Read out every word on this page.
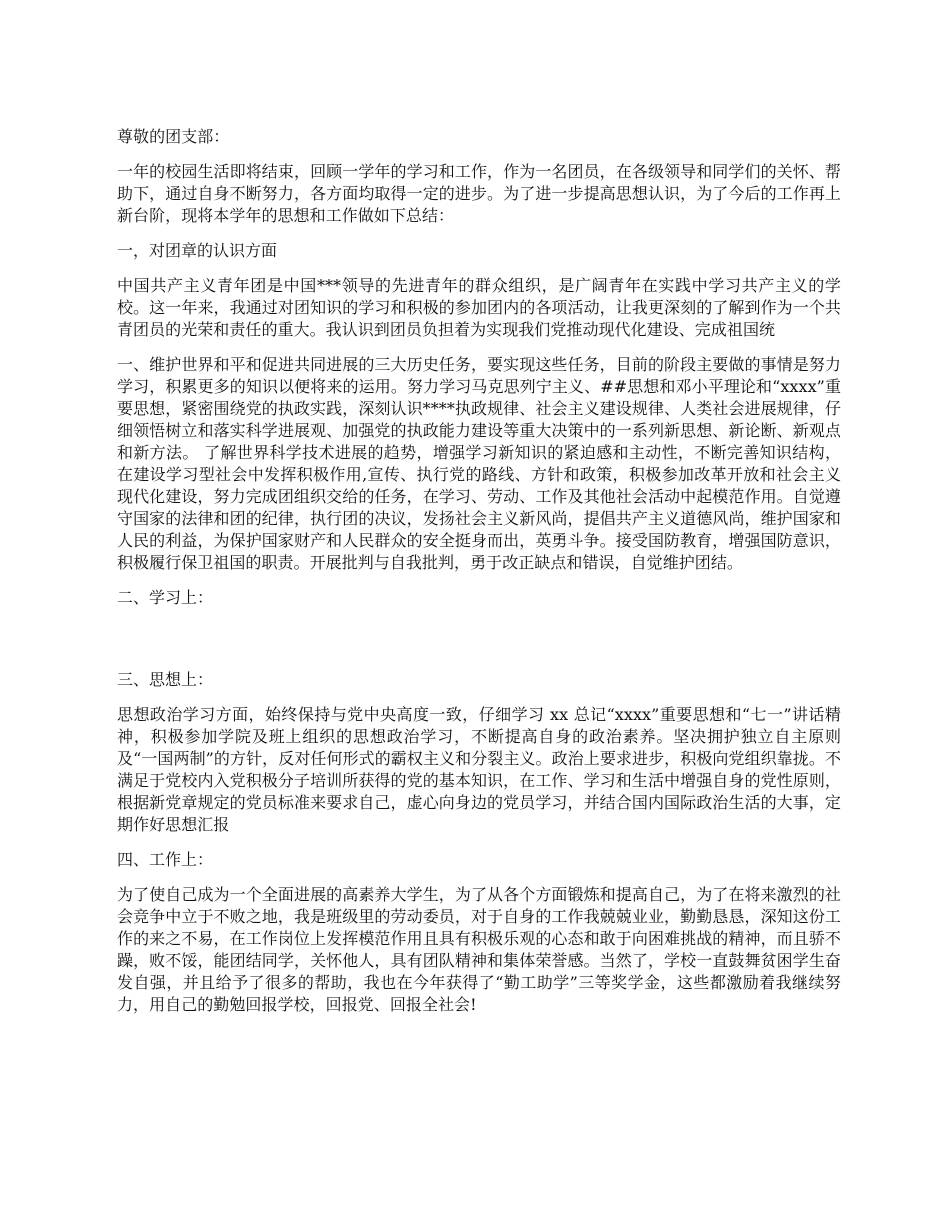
尊敬的团支部：

一年的校园生活即将结束，回顾一学年的学习和工作，作为一名团员，在各级领导和同学们的关怀、帮助下，通过自身不断努力，各方面均取得一定的进步。为了进一步提高思想认识，为了今后的工作再上新台阶，现将本学年的思想和工作做如下总结：

一，对团章的认识方面

中国共产主义青年团是中国***领导的先进青年的群众组织，是广阔青年在实践中学习共产主义的学校。这一年来，我通过对团知识的学习和积极的参加团内的各项活动，让我更深刻的了解到作为一个共青团员的光荣和责任的重大。我认识到团员负担着为实现我们党推动现代化建设、完成祖国统

一、维护世界和平和促进共同进展的三大历史任务，要实现这些任务，目前的阶段主要做的事情是努力学习，积累更多的知识以便将来的运用。努力学习马克思列宁主义、##思想和邓小平理论和“xxxx”重要思想，紧密围绕党的执政实践，深刻认识****执政规律、社会主义建设规律、人类社会进展规律，仔细领悟树立和落实科学进展观、加强党的执政能力建设等重大决策中的一系列新思想、新论断、新观点和新方法。 了解世界科学技术进展的趋势，增强学习新知识的紧迫感和主动性，不断完善知识结构，在建设学习型社会中发挥积极作用,宣传、执行党的路线、方针和政策，积极参加改革开放和社会主义现代化建设，努力完成团组织交给的任务，在学习、劳动、工作及其他社会活动中起模范作用。自觉遵守国家的法律和团的纪律，执行团的决议，发扬社会主义新风尚，提倡共产主义道德风尚，维护国家和人民的利益，为保护国家财产和人民群众的安全挺身而出，英勇斗争。接受国防教育，增强国防意识，积极履行保卫祖国的职责。开展批判与自我批判，勇于改正缺点和错误，自觉维护团结。

二、学习上：

三、思想上：

思想政治学习方面，始终保持与党中央高度一致，仔细学习 xx 总记“xxxx”重要思想和“七一”讲话精神，积极参加学院及班上组织的思想政治学习，不断提高自身的政治素养。坚决拥护独立自主原则及“一国两制”的方针，反对任何形式的霸权主义和分裂主义。政治上要求进步，积极向党组织靠拢。不满足于党校内入党积极分子培训所获得的党的基本知识，在工作、学习和生活中增强自身的党性原则，根据新党章规定的党员标准来要求自己，虚心向身边的党员学习，并结合国内国际政治生活的大事，定期作好思想汇报

四、工作上：

为了使自己成为一个全面进展的高素养大学生，为了从各个方面锻炼和提高自己，为了在将来激烈的社会竞争中立于不败之地，我是班级里的劳动委员，对于自身的工作我兢兢业业，勤勤恳恳，深知这份工作的来之不易，在工作岗位上发挥模范作用且具有积极乐观的心态和敢于向困难挑战的精神，而且骄不躁，败不馁，能团结同学，关怀他人，具有团队精神和集体荣誉感。当然了，学校一直鼓舞贫困学生奋发自强，并且给予了很多的帮助，我也在今年获得了“勤工助学”三等奖学金，这些都激励着我继续努力，用自己的勤勉回报学校，回报党、回报全社会!
